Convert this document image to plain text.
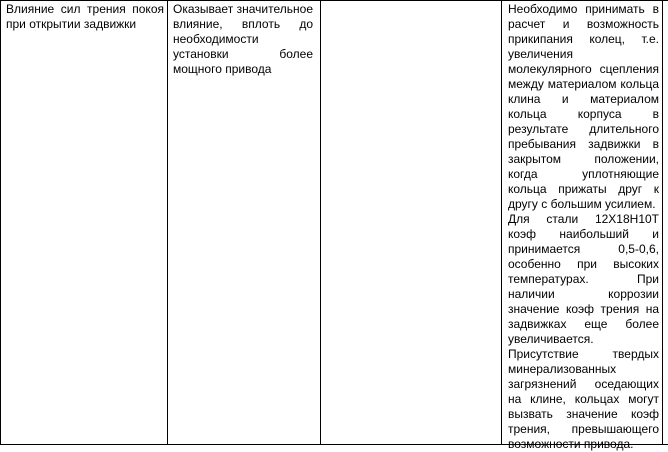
Влияние сил трения покоя при открытии задвижки

Оказывает значительное влияние, вплоть до необходимости установки более мощного привода

Необходимо принимать в расчет и возможность прикипания колец, т.е. увеличения молекулярного сцепления между материалом кольца клина и материалом кольца корпуса в результате длительного пребывания задвижки в закрытом положении, когда уплотняющие кольца прижаты друг к другу с большим усилием.

Для стали 12Х18Н10Т коэф наибольший и принимается 0,5-0,6, особенно при высоких температурах. При наличии коррозии значение коэф трения на задвижках еще более увеличивается.

Присутствие твердых минерализованных загрязнений оседающих на клине, кольцах могут вызвать значение коэф трения, превышающего возможности привода.
